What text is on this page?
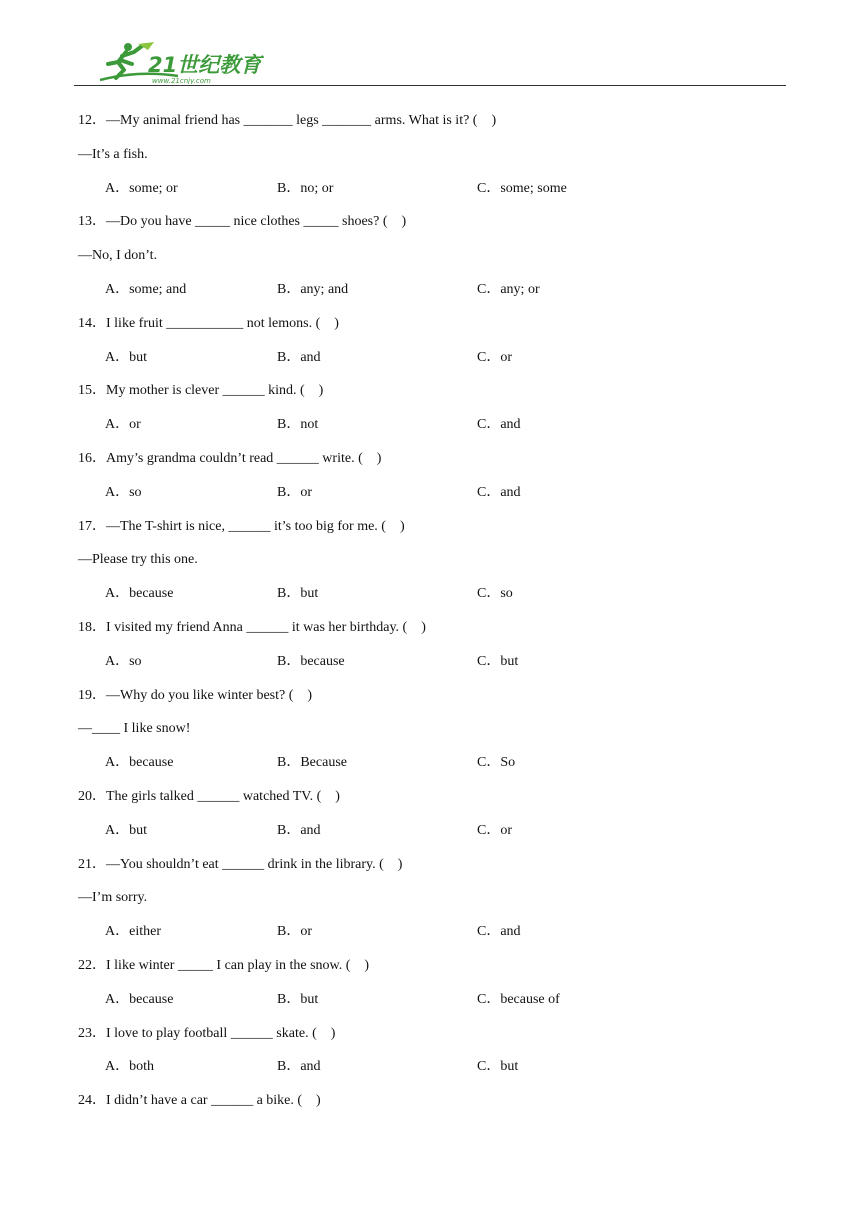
21世纪教育
www.21cnjy.com
12．—My animal friend has _______ legs _______ arms. What is it? (    )
—It’s a fish.
A．some; or	B．no; or	C．some; some
13．—Do you have _____ nice clothes _____ shoes? (    )
—No, I don’t.
A．some; and	B．any; and	C．any; or
14．I like fruit ___________ not lemons. (    )
A．but	B．and	C．or
15．My mother is clever ______ kind. (    )
A．or	B．not	C．and
16．Amy’s grandma couldn’t read ______ write. (    )
A．so	B．or	C．and
17．—The T-shirt is nice, ______ it’s too big for me. (    )
—Please try this one.
A．because	B．but	C．so
18．I visited my friend Anna ______ it was her birthday. (    )
A．so	B．because	C．but
19．—Why do you like winter best? (    )
—____ I like snow!
A．because	B．Because	C．So
20．The girls talked ______ watched TV. (    )
A．but	B．and	C．or
21．—You shouldn’t eat ______ drink in the library. (    )
—I’m sorry.
A．either	B．or	C．and
22．I like winter _____ I can play in the snow. (    )
A．because	B．but	C．because of
23．I love to play football ______ skate. (    )
A．both	B．and	C．but
24．I didn’t have a car ______ a bike. (    )
